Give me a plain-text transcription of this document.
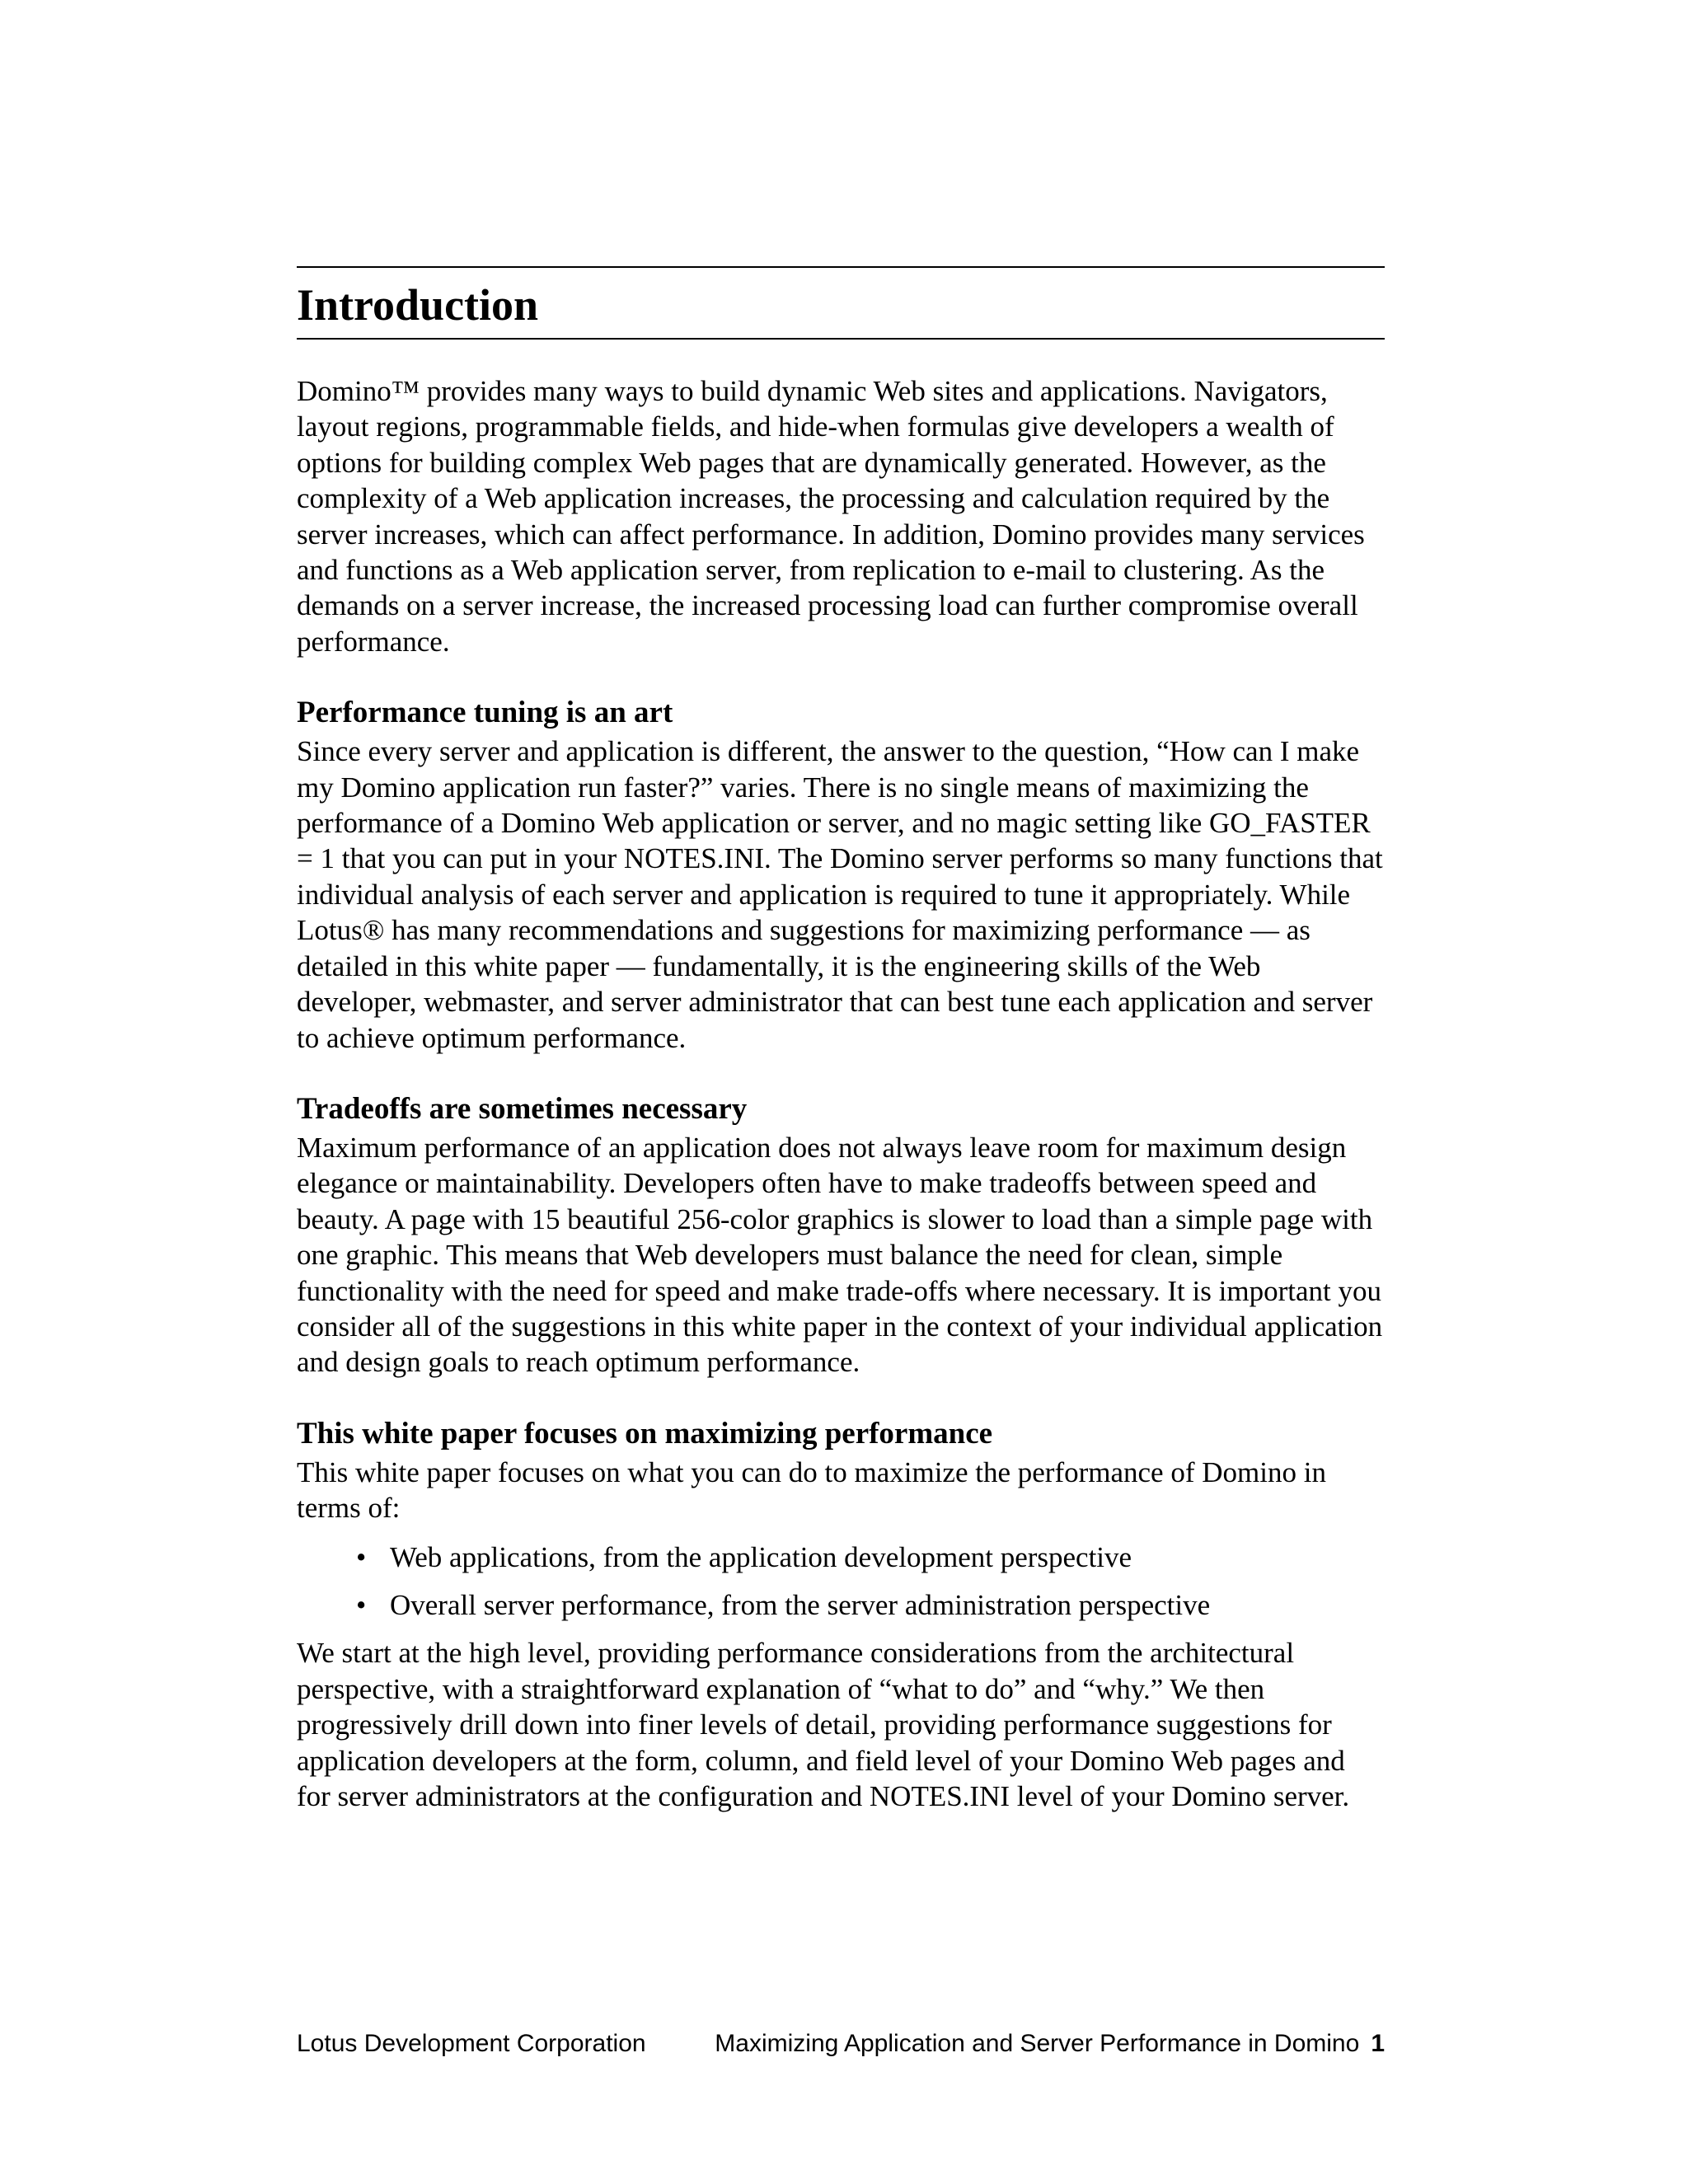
Introduction

Domino™ provides many ways to build dynamic Web sites and applications. Navigators, layout regions, programmable fields, and hide-when formulas give developers a wealth of options for building complex Web pages that are dynamically generated. However, as the complexity of a Web application increases, the processing and calculation required by the server increases, which can affect performance. In addition, Domino provides many services and functions as a Web application server, from replication to e-mail to clustering. As the demands on a server increase, the increased processing load can further compromise overall performance.

Performance tuning is an art

Since every server and application is different, the answer to the question, “How can I make my Domino application run faster?” varies. There is no single means of maximizing the performance of a Domino Web application or server, and no magic setting like GO_FASTER = 1 that you can put in your NOTES.INI. The Domino server performs so many functions that individual analysis of each server and application is required to tune it appropriately. While Lotus® has many recommendations and suggestions for maximizing performance — as detailed in this white paper — fundamentally, it is the engineering skills of the Web developer, webmaster, and server administrator that can best tune each application and server to achieve optimum performance.

Tradeoffs are sometimes necessary

Maximum performance of an application does not always leave room for maximum design elegance or maintainability. Developers often have to make tradeoffs between speed and beauty. A page with 15 beautiful 256-color graphics is slower to load than a simple page with one graphic. This means that Web developers must balance the need for clean, simple functionality with the need for speed and make trade-offs where necessary. It is important you consider all of the suggestions in this white paper in the context of your individual application and design goals to reach optimum performance.

This white paper focuses on maximizing performance

This white paper focuses on what you can do to maximize the performance of Domino in terms of:

• Web applications, from the application development perspective
• Overall server performance, from the server administration perspective

We start at the high level, providing performance considerations from the architectural perspective, with a straightforward explanation of “what to do” and “why.” We then progressively drill down into finer levels of detail, providing performance suggestions for application developers at the form, column, and field level of your Domino Web pages and for server administrators at the configuration and NOTES.INI level of your Domino server.

Lotus Development Corporation	Maximizing Application and Server Performance in Domino 1
